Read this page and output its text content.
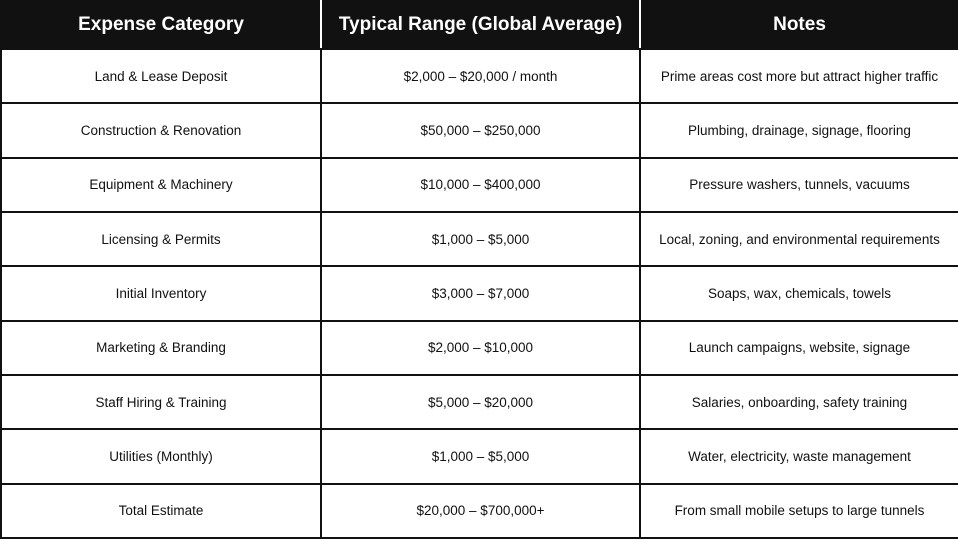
Expense Category	Typical Range (Global Average)	Notes
Land & Lease Deposit	$2,000 – $20,000 / month	Prime areas cost more but attract higher traffic
Construction & Renovation	$50,000 – $250,000	Plumbing, drainage, signage, flooring
Equipment & Machinery	$10,000 – $400,000	Pressure washers, tunnels, vacuums
Licensing & Permits	$1,000 – $5,000	Local, zoning, and environmental requirements
Initial Inventory	$3,000 – $7,000	Soaps, wax, chemicals, towels
Marketing & Branding	$2,000 – $10,000	Launch campaigns, website, signage
Staff Hiring & Training	$5,000 – $20,000	Salaries, onboarding, safety training
Utilities (Monthly)	$1,000 – $5,000	Water, electricity, waste management
Total Estimate	$20,000 – $700,000+	From small mobile setups to large tunnels
